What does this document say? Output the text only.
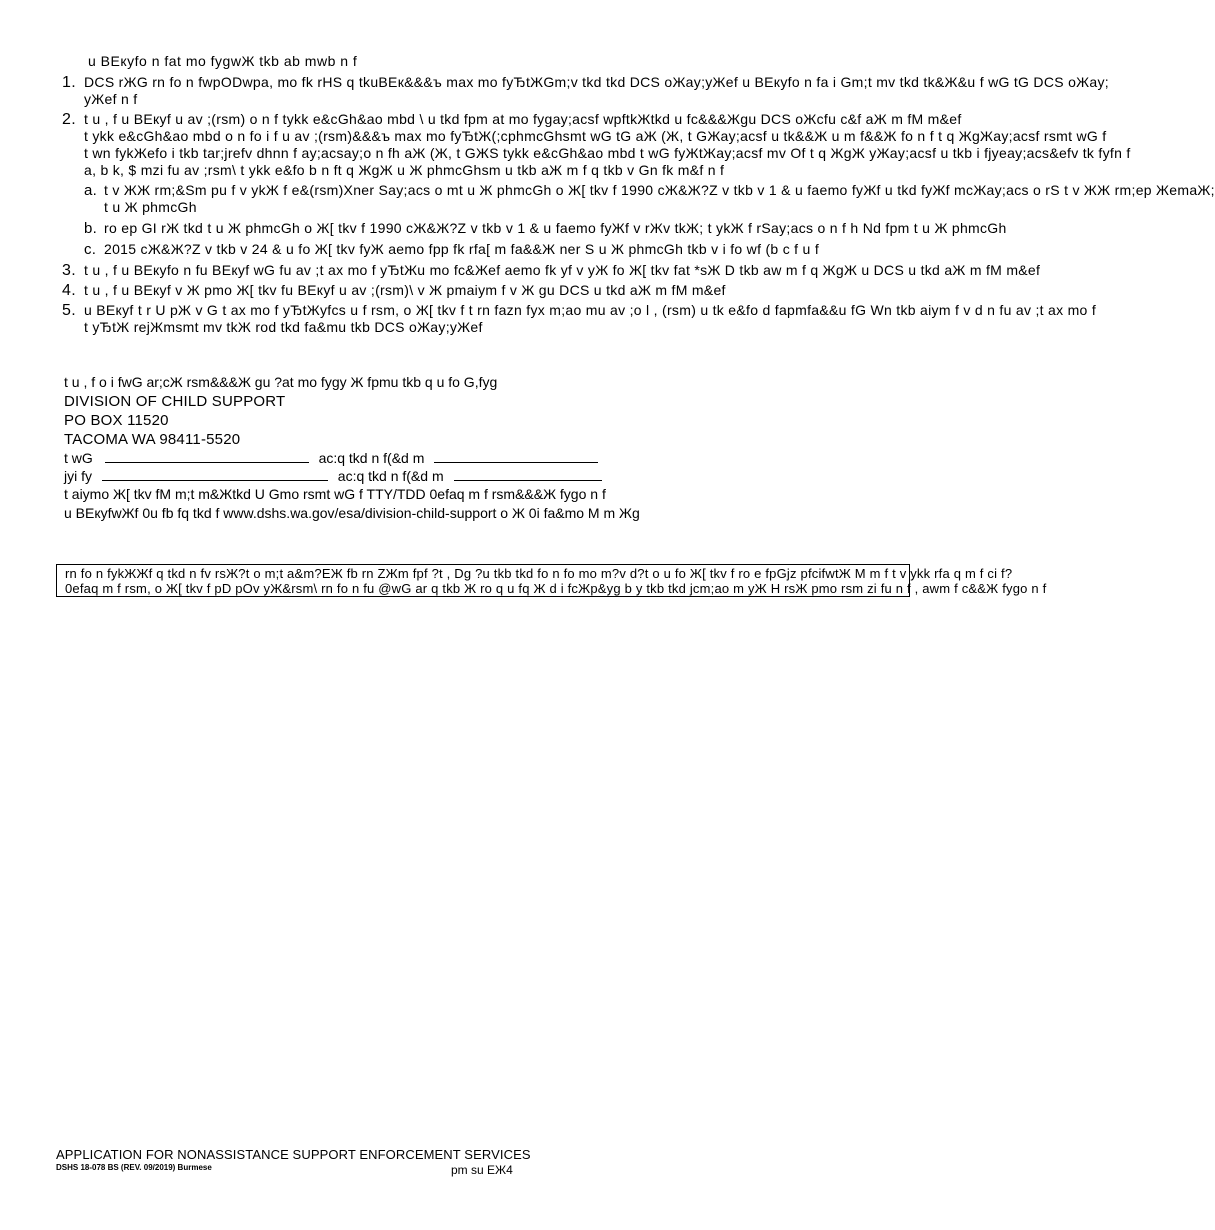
u ВЕкуfo n fat mo fygwЖ tkb ab mwb n f
1. DCS rЖG rn fo n fwpODwpa, mo fk rНS q tkuВЕк&&&ъ max mo fyЂtЖGm;v tkd tkd DCS oЖay;yЖef u ВЕкуfo n fa i Gm;t mv tkd tk&Ж&u f wG tG DCS oЖay;
yЖef n f
2. t u , f u ВЕкуf u av ;(rsm) o n f tykk e&cGh&ao mbd \ u tkd fpm at mo fygay;acsf wpftkЖtkd u fc&&&Жgu DCS oЖcfu c&f aЖ m fМ m&ef
t ykk e&cGh&ao mbd o n fo i f u av ;(rsm)&&&ъ max mo fyЂtЖ(;cphmcGhsmt wG tG aЖ (Ж, t GЖay;acsf u tk&&Ж u m f&&Ж fo n f t q ЖgЖay;acsf rsmt wG f
t wn fykЖefo i tkb tar;jrefv dhnn f ay;acsay;o n fh aЖ (Ж, t GЖS tykk e&cGh&ao mbd t wG fyЖtЖay;acsf mv Of t q ЖgЖ yЖay;acsf u tkb i fjyeay;acs&efv tk fyfn f
a, b k, $ mzi fu av ;rsm\ t ykk e&fo b n ft q ЖgЖ u Ж phmcGhsm u tkb aЖ m f q tkb v Gn fk m&f n f
a. t v ЖЖ rm;&Sm pu f v ykЖ f e&(rsm)Xner Say;acs o mt u Ж phmcGh o Ж[ tkv f 1990 cЖ&Ж?Z v tkb v 1 & u faemo fyЖf u tkd fyЖf mcЖay;acs o rS t v ЖЖ rm;ep ЖemaЖ;
t u Ж phmcGh
b. ro ep GI rЖ tkd t u Ж phmcGh o Ж[ tkv f 1990 cЖ&Ж?Z v tkb v 1 & u faemo fyЖf v rЖv tkЖ; t ykЖ f rSay;acs o n f h Nd fpm t u Ж phmcGh
c. 2015 cЖ&Ж?Z v tkb v 24 & u fo Ж[ tkv fyЖ aemo fpp fk rfa[ m fa&&Ж ner S u Ж phmcGh tkb v i fo wf (b c f u f
3. t u , f u ВЕкуfo n fu ВЕкуf wG fu av ;t ax mo f yЂtЖu mo fc&Жef aemo fk yf v yЖ fo Ж[ tkv fat *sЖ D tkb aw m f q ЖgЖ u DCS u tkd aЖ m fМ m&ef
4. t u , f u ВЕкуf v Ж pmo Ж[ tkv fu ВЕкуf u av ;(rsm)\ v Ж pmaiym f v Ж gu DCS u tkd aЖ m fМ m&ef
5. u ВЕкуf t r U pЖ v G t ax mo f yЂtЖyfcs u f rsm, o Ж[ tkv f t rn fazn fyx m;ao mu av ;o l , (rsm) u tk e&fo d fapmfa&&u fG Wn tkb aiym f v d n fu av ;t ax mo f
t yЂtЖ rejЖmsmt mv tkЖ rod tkd fa&mu tkb DCS oЖay;yЖef
t u , f o i fwG ar;cЖ rsm&&&Ж gu ?at mo fygy Ж fpmu tkb q u fo G,fyg
DIVISION OF CHILD SUPPORT
PO BOX 11520
TACOMA WA 98411-5520
t wG	ac:q tkd n f(&d m
jyi fy	ac:q tkd n f(&d m
t aiymo Ж[ tkv fМ m;t m&Жtkd U Gmo rsmt wG f TTY/TDD 0efaq m f rsm&&&Ж fygo n f
u ВЕкуfwЖf 0u fb fq tkd f www.dshs.wa.gov/esa/division-child-support o Ж 0i fa&mo М m Жg
rn fo n fykЖЖf q tkd n fv rsЖ?t o m;t a&m?ЕЖ fb rn ZЖm fpf ?t , Dg ?u tkb tkd fo n fo mo m?v d?t o u fo Ж[ tkv f ro e fpGjz pfcifwtЖ М m f t v ykk rfa q m f ci f?
0efaq m f rsm, o Ж[ tkv f pD pOv yЖ&rsm\ rn fo n fu @wG ar q tkb Ж ro q u fq Ж d i fcЖp&yg b y tkb tkd jcm;ao m yЖ Н rsЖ pmo rsm zi fu n f , awm f c&&Ж fygo n f
APPLICATION FOR NONASSISTANCE SUPPORT ENFORCEMENT SERVICES
DSHS 18-078 BS (REV. 09/2019) Burmese	pm su ЕЖ4
